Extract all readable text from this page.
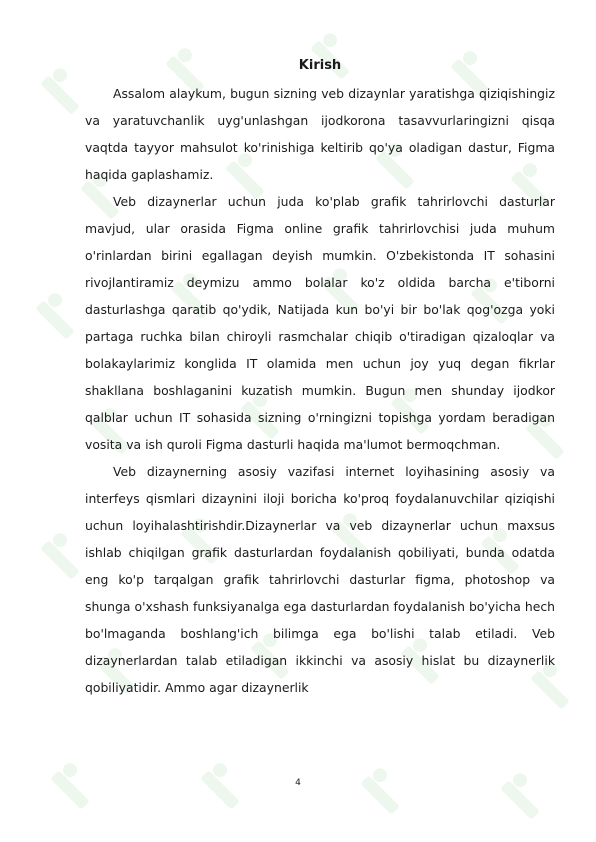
Kirish

Assalom alaykum, bugun sizning veb dizaynlar yaratishga qiziqishingiz va yaratuvchanlik uyg'unlashgan ijodkorona tasavvurlaringizni qisqa vaqtda tayyor mahsulot ko'rinishiga keltirib qo'ya oladigan dastur, Figma haqida gaplashamiz.

Veb dizaynerlar uchun juda ko'plab grafik tahrirlovchi dasturlar mavjud, ular orasida Figma online grafik tahrirlovchisi juda muhum o'rinlardan birini egallagan deyish mumkin. O'zbekistonda IT sohasini rivojlantiramiz deymizu ammo bolalar ko'z oldida barcha e'tiborni dasturlashga qaratib qo'ydik, Natijada kun bo'yi bir bo'lak qog'ozga yoki partaga ruchka bilan chiroyli rasmchalar chiqib o'tiradigan qizaloqlar va bolakaylarimiz konglida IT olamida men uchun joy yuq degan fikrlar shakllana boshlaganini kuzatish mumkin. Bugun men shunday ijodkor qalblar uchun IT sohasida sizning o'rningizni topishga yordam beradigan vosita va ish quroli Figma dasturli haqida ma'lumot bermoqchman.

Veb dizaynerning asosiy vazifasi internet loyihasining asosiy va interfeys qismlari dizaynini iloji boricha ko'proq foydalanuvchilar qiziqishi uchun loyihalashtirishdir.Dizaynerlar va veb dizaynerlar uchun maxsus ishlab chiqilgan grafik dasturlardan foydalanish qobiliyati, bunda odatda eng ko'p tarqalgan grafik tahrirlovchi dasturlar figma, photoshop va shunga o'xshash funksiyanalga ega dasturlardan foydalanish bo'yicha hech bo'lmaganda boshlang'ich bilimga ega bo'lishi talab etiladi. Veb dizaynerlardan talab etiladigan ikkinchi va asosiy hislat bu dizaynerlik qobiliyatidir. Ammo agar dizaynerlik

4
